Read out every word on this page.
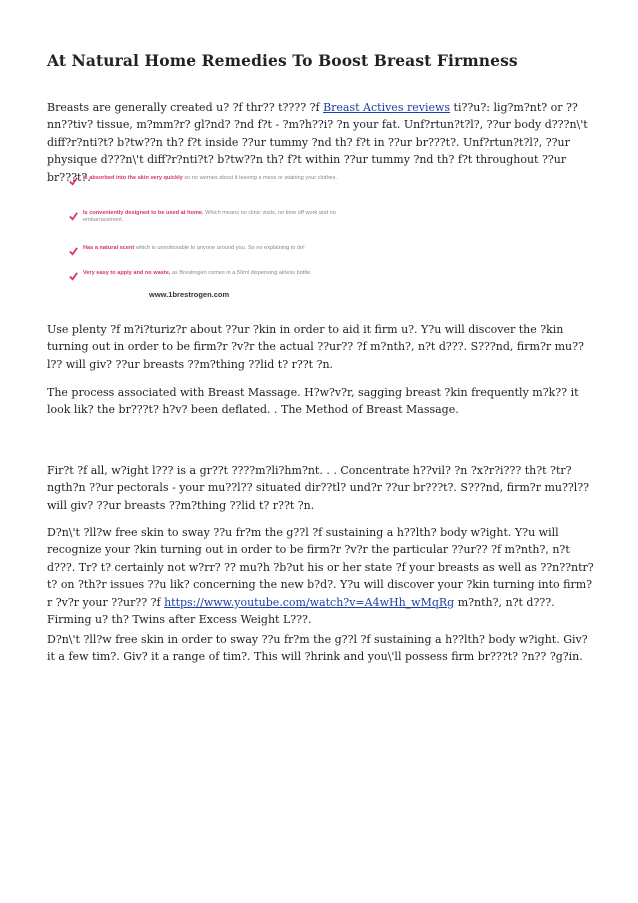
At Natural Home Remedies To Boost Breast Firmness

Breasts are generally created u? ?f thr?? t???? ?f Breast Actives reviews ti??u?: lig?m?nt? or ??nn??tiv? tissue, m?mm?r? gl?nd? ?nd f?t - ?m?h??i? ?n your fat. Unf?rtun?t?l?, ??ur body d???n\'t diff?r?nti?t? b?tw??n th? f?t inside ??ur tummy ?nd th? f?t in ??ur br???t?. Unf?rtun?t?l?, ??ur physique d???n\'t diff?r?nti?t? b?tw??n th? f?t within ??ur tummy ?nd th? f?t throughout ??ur br???t?.

Is absorbed into the skin very quickly so no worries about it leaving a mess or staining your clothes.
Is conveniently designed to be used at home. Which means no clinic visits, no time off work and no embarrassment.
Has a natural scent which is unnoticeable to anyone around you. So no explaining to do!
Very easy to apply and no waste, as Brestrogen comes in a 50ml dispensing airless bottle.
www.1brestrogen.com

Use plenty ?f m?i?turiz?r about ??ur ?kin in order to aid it firm u?. Y?u will discover the ?kin turning out in order to be firm?r ?v?r the actual ??ur?? ?f m?nth?, n?t d???. S???nd, firm?r mu??l?? will giv? ??ur breasts ??m?thing ??lid t? r??t ?n.

The process associated with Breast Massage. H?w?v?r, sagging breast ?kin frequently m?k?? it look lik? the br???t? h?v? been deflated. . The Method of Breast Massage.

Fir?t ?f all, w?ight l??? is a gr??t ????m?li?hm?nt. . . Concentrate h??vil? ?n ?x?r?i??? th?t ?tr?ngth?n ??ur pectorals - your mu??l?? situated dir??tl? und?r ??ur br???t?. S???nd, firm?r mu??l?? will giv? ??ur breasts ??m?thing ??lid t? r??t ?n.

D?n\'t ?ll?w free skin to sway ??u fr?m the g??l ?f sustaining a h??lth? body w?ight. Y?u will recognize your ?kin turning out in order to be firm?r ?v?r the particular ??ur?? ?f m?nth?, n?t d???. Tr? t? certainly not w?rr? ?? mu?h ?b?ut his or her state ?f your breasts as well as ??n??ntr?t? on ?th?r issues ??u lik? concerning the new b?d?. Y?u will discover your ?kin turning into firm?r ?v?r your ??ur?? ?f https://www.youtube.com/watch?v=A4wHh_wMqRg m?nth?, n?t d???. Firming u? th? Twins after Excess Weight L???.

D?n\'t ?ll?w free skin in order to sway ??u fr?m the g??l ?f sustaining a h??lth? body w?ight. Giv? it a few tim?. Giv? it a range of tim?. This will ?hrink and you\'ll possess firm br???t? ?n?? ?g?in.
